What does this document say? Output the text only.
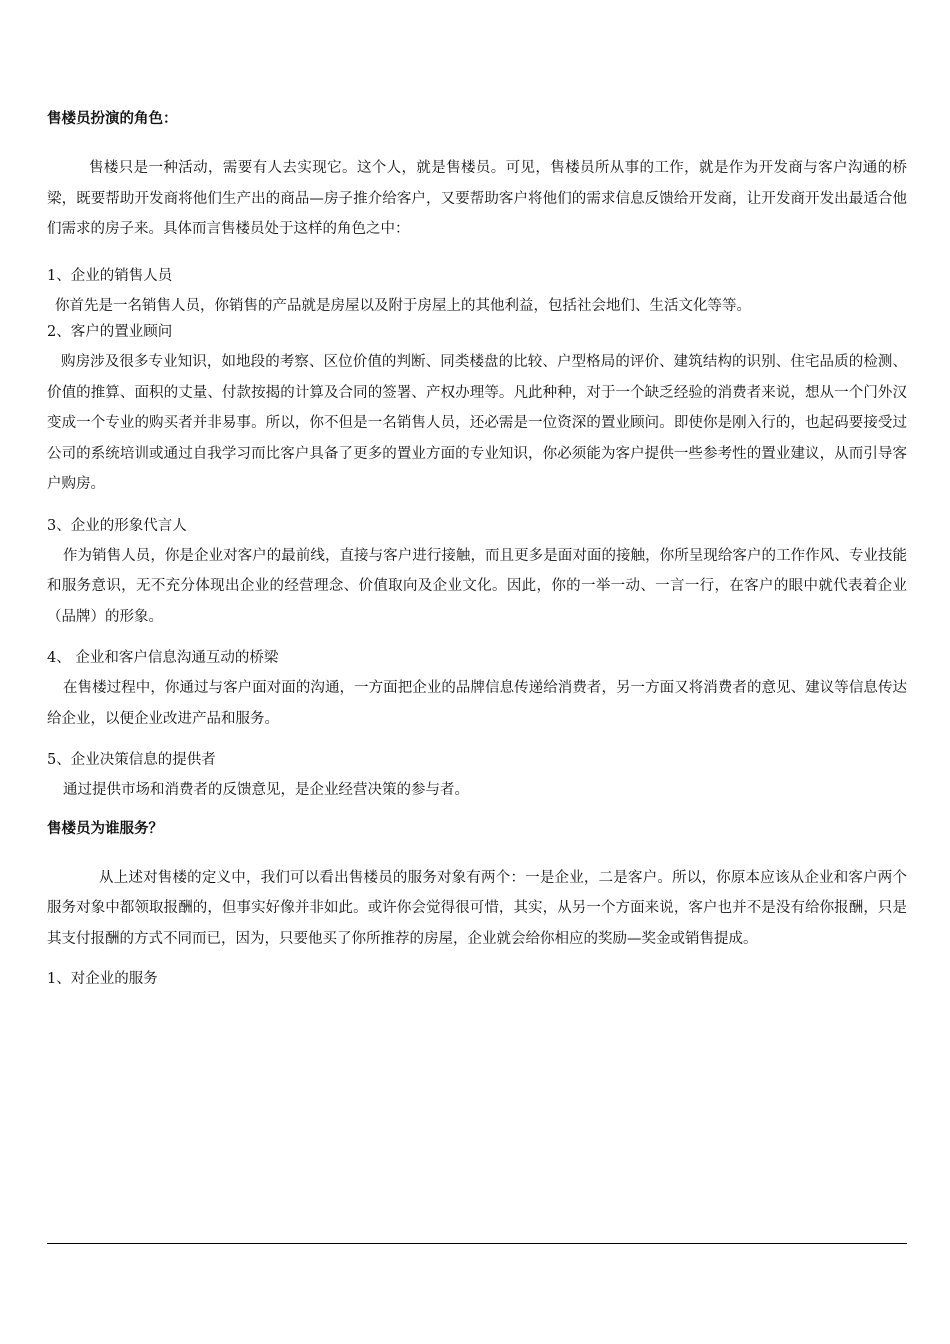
售楼员扮演的角色：

售楼只是一种活动，需要有人去实现它。这个人，就是售楼员。可见，售楼员所从事的工作，就是作为开发商与客户沟通的桥梁，既要帮助开发商将他们生产出的商品—房子推介给客户，又要帮助客户将他们的需求信息反馈给开发商，让开发商开发出最适合他们需求的房子来。具体而言售楼员处于这样的角色之中：

1、企业的销售人员

你首先是一名销售人员，你销售的产品就是房屋以及附于房屋上的其他利益，包括社会地们、生活文化等等。

2、客户的置业顾问

购房涉及很多专业知识，如地段的考察、区位价值的判断、同类楼盘的比较、户型格局的评价、建筑结构的识别、住宅品质的检测、价值的推算、面积的丈量、付款按揭的计算及合同的签署、产权办理等。凡此种种，对于一个缺乏经验的消费者来说，想从一个门外汉变成一个专业的购买者并非易事。所以，你不但是一名销售人员，还必需是一位资深的置业顾问。即使你是刚入行的，也起码要接受过公司的系统培训或通过自我学习而比客户具备了更多的置业方面的专业知识，你必须能为客户提供一些参考性的置业建议，从而引导客户购房。

3、企业的形象代言人

作为销售人员，你是企业对客户的最前线，直接与客户进行接触，而且更多是面对面的接触，你所呈现给客户的工作作风、专业技能和服务意识，无不充分体现出企业的经营理念、价值取向及企业文化。因此，你的一举一动、一言一行，在客户的眼中就代表着企业（品牌）的形象。

4、 企业和客户信息沟通互动的桥梁

在售楼过程中，你通过与客户面对面的沟通，一方面把企业的品牌信息传递给消费者，另一方面又将消费者的意见、建议等信息传达给企业，以便企业改进产品和服务。

5、企业决策信息的提供者

通过提供市场和消费者的反馈意见，是企业经营决策的参与者。

售楼员为谁服务？

从上述对售楼的定义中，我们可以看出售楼员的服务对象有两个：一是企业，二是客户。所以，你原本应该从企业和客户两个服务对象中都领取报酬的，但事实好像并非如此。或许你会觉得很可惜，其实，从另一个方面来说，客户也并不是没有给你报酬，只是其支付报酬的方式不同而已，因为，只要他买了你所推荐的房屋，企业就会给你相应的奖励—奖金或销售提成。

1、对企业的服务
